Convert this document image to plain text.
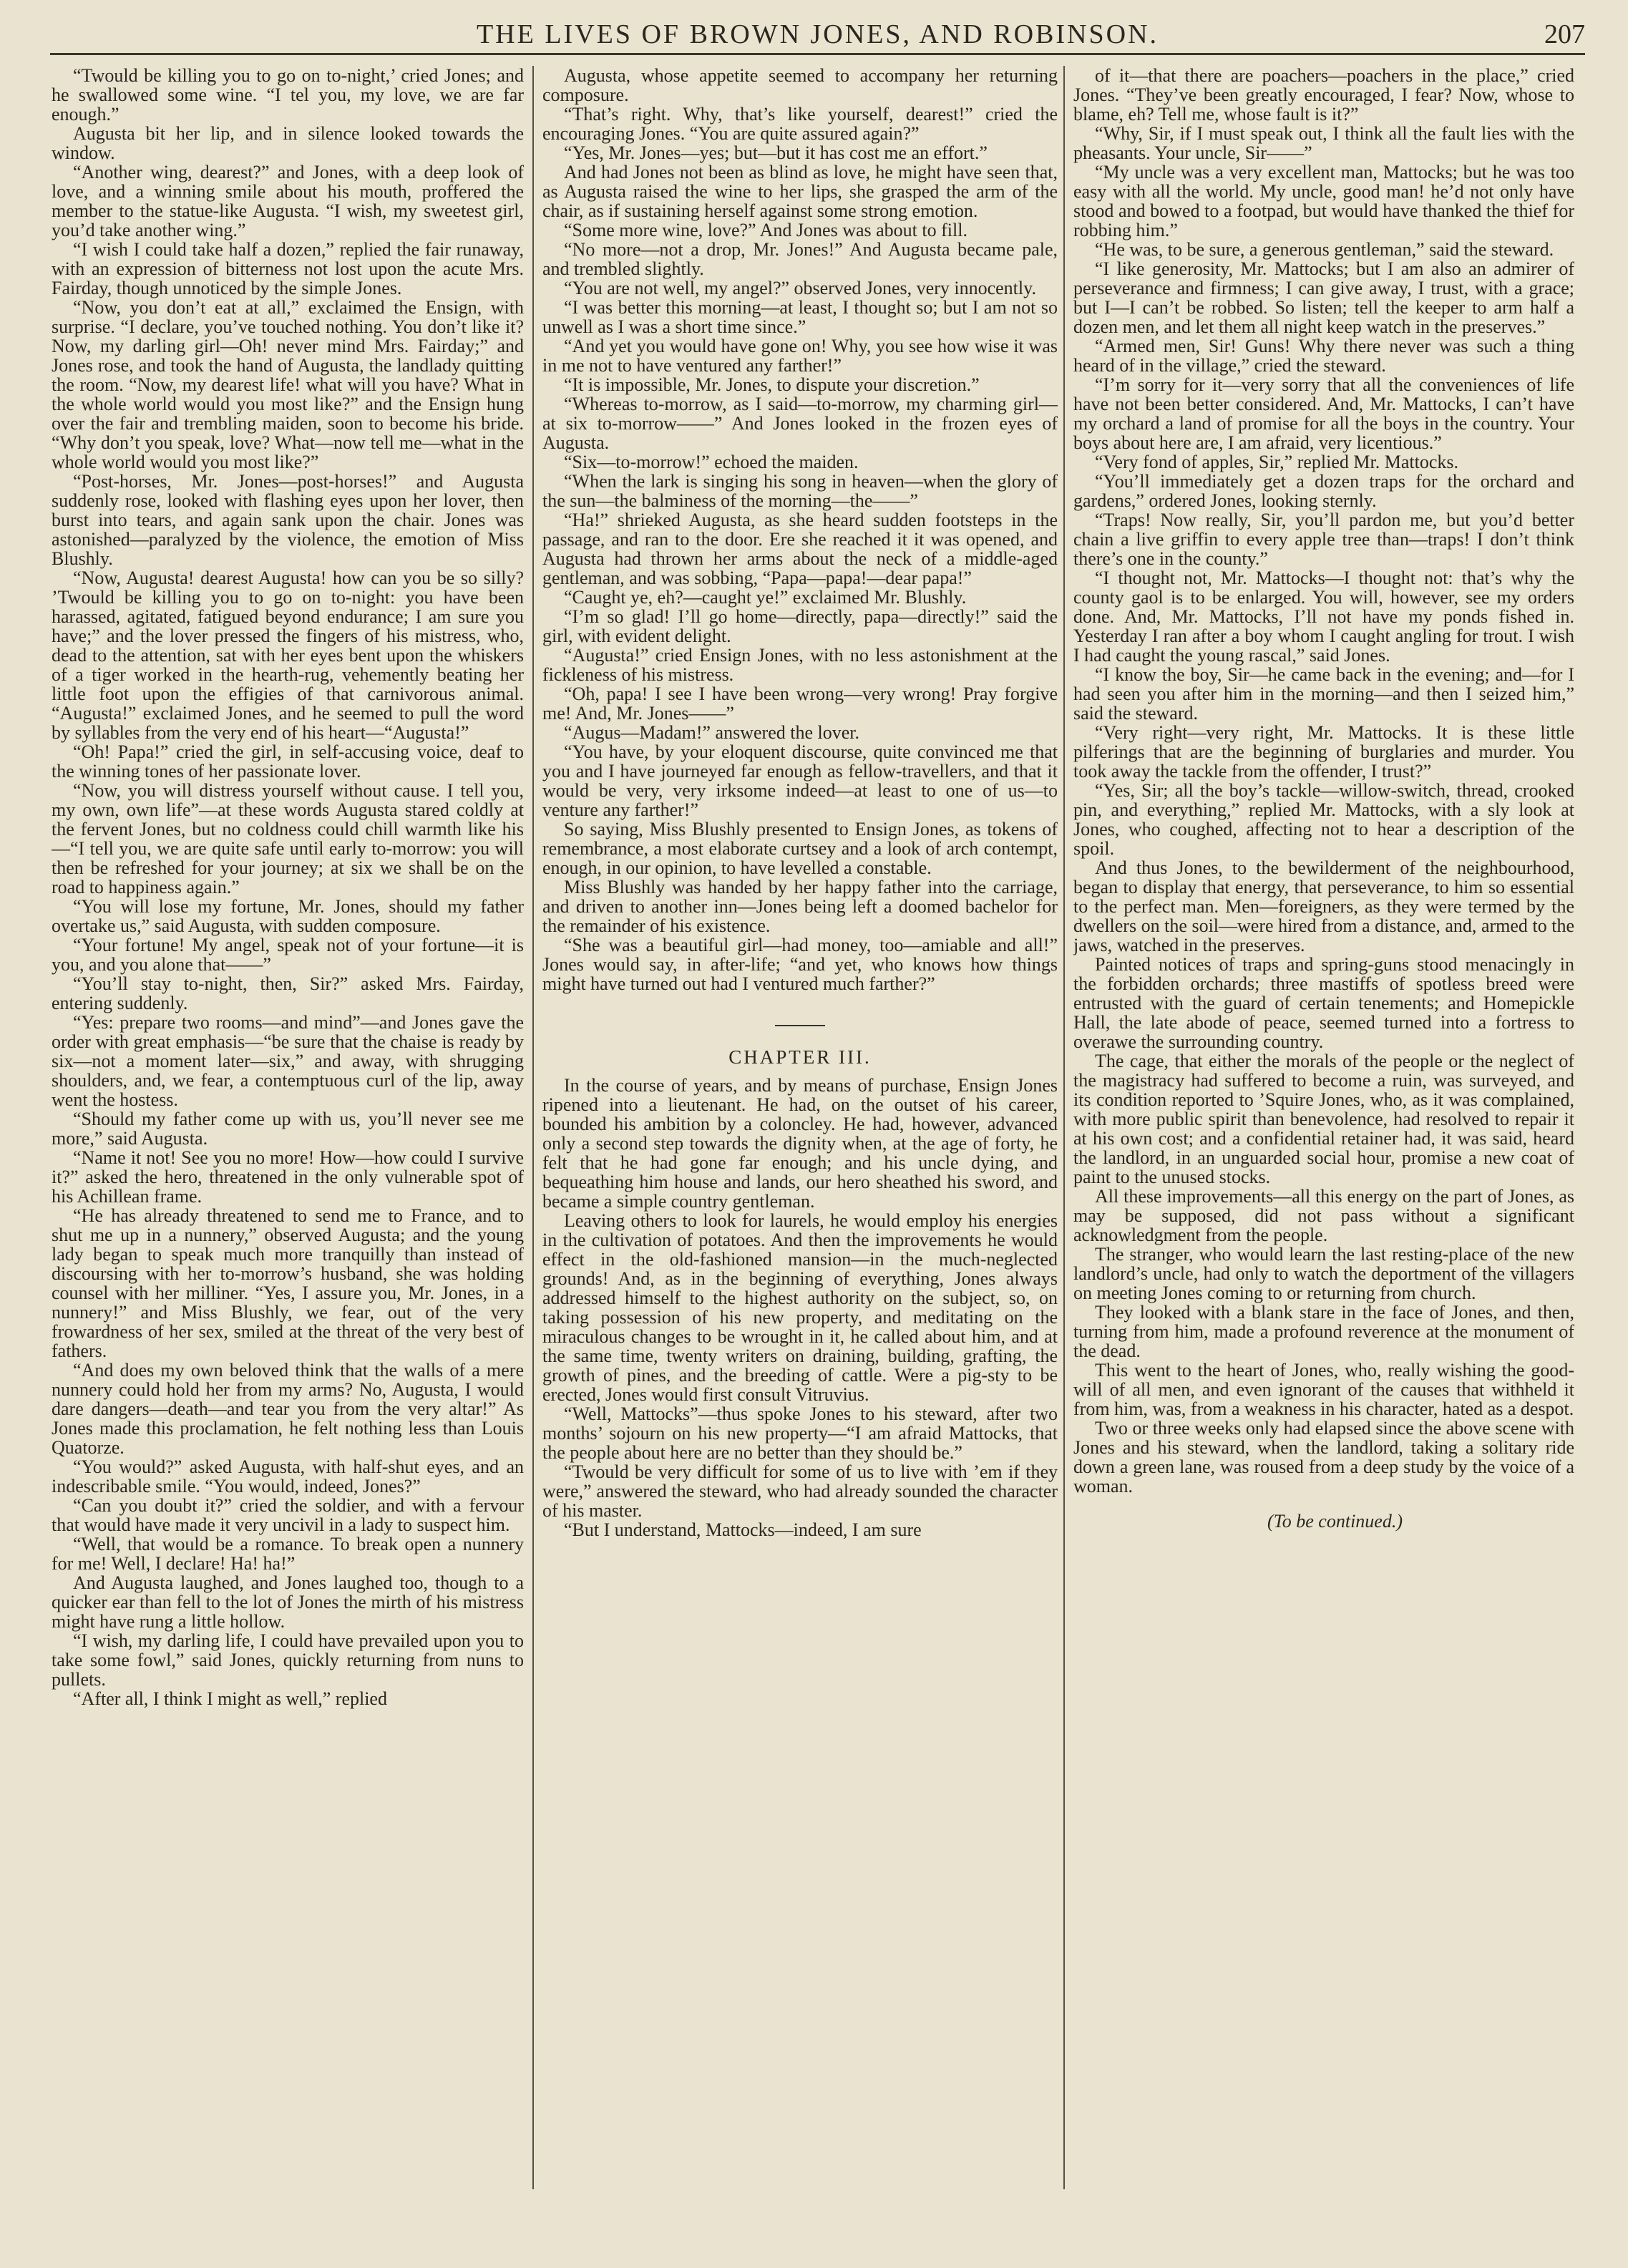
THE LIVES OF BROWN JONES, AND ROBINSON.	207

“Twould be killing you to go on to-night,’ cried Jones; and he swallowed some wine. “I tel you, my love, we are far enough.”

Augusta bit her lip, and in silence looked towards the window.

“Another wing, dearest?” and Jones, with a deep look of love, and a winning smile about his mouth, proffered the member to the statue-like Augusta. “I wish, my sweetest girl, you’d take another wing.”

“I wish I could take half a dozen,” replied the fair runaway, with an expression of bitterness not lost upon the acute Mrs. Fairday, though unnoticed by the simple Jones.

“Now, you don’t eat at all,” exclaimed the Ensign, with surprise. “I declare, you’ve touched nothing. You don’t like it? Now, my darling girl—Oh! never mind Mrs. Fairday;” and Jones rose, and took the hand of Augusta, the landlady quitting the room. “Now, my dearest life! what will you have? What in the whole world would you most like?” and the Ensign hung over the fair and trembling maiden, soon to become his bride. “Why don’t you speak, love? What—now tell me—what in the whole world would you most like?”

“Post-horses, Mr. Jones—post-horses!” and Augusta suddenly rose, looked with flashing eyes upon her lover, then burst into tears, and again sank upon the chair. Jones was astonished—paralyzed by the violence, the emotion of Miss Blushly.

“Now, Augusta! dearest Augusta! how can you be so silly? ’Twould be killing you to go on to-night: you have been harassed, agitated, fatigued beyond endurance; I am sure you have;” and the lover pressed the fingers of his mistress, who, dead to the attention, sat with her eyes bent upon the whiskers of a tiger worked in the hearth-rug, vehemently beating her little foot upon the effigies of that carnivorous animal. “Augusta!” exclaimed Jones, and he seemed to pull the word by syllables from the very end of his heart—“Augusta!”

“Oh! Papa!” cried the girl, in self-accusing voice, deaf to the winning tones of her passionate lover.

“Now, you will distress yourself without cause. I tell you, my own, own life”—at these words Augusta stared coldly at the fervent Jones, but no coldness could chill warmth like his—“I tell you, we are quite safe until early to-morrow: you will then be refreshed for your journey; at six we shall be on the road to happiness again.”

“You will lose my fortune, Mr. Jones, should my father overtake us,” said Augusta, with sudden composure.

“Your fortune! My angel, speak not of your fortune—it is you, and you alone that——”

“You’ll stay to-night, then, Sir?” asked Mrs. Fairday, entering suddenly.

“Yes: prepare two rooms—and mind”—and Jones gave the order with great emphasis—“be sure that the chaise is ready by six—not a moment later—six,” and away, with shrugging shoulders, and, we fear, a contemptuous curl of the lip, away went the hostess.

“Should my father come up with us, you’ll never see me more,” said Augusta.

“Name it not! See you no more! How—how could I survive it?” asked the hero, threatened in the only vulnerable spot of his Achillean frame.

“He has already threatened to send me to France, and to shut me up in a nunnery,” observed Augusta; and the young lady began to speak much more tranquilly than instead of discoursing with her to-morrow’s husband, she was holding counsel with her milliner. “Yes, I assure you, Mr. Jones, in a nunnery!” and Miss Blushly, we fear, out of the very frowardness of her sex, smiled at the threat of the very best of fathers.

“And does my own beloved think that the walls of a mere nunnery could hold her from my arms? No, Augusta, I would dare dangers—death—and tear you from the very altar!” As Jones made this proclamation, he felt nothing less than Louis Quatorze.

“You would?” asked Augusta, with half-shut eyes, and an indescribable smile. “You would, indeed, Jones?”

“Can you doubt it?” cried the soldier, and with a fervour that would have made it very uncivil in a lady to suspect him.

“Well, that would be a romance. To break open a nunnery for me! Well, I declare! Ha! ha!”

And Augusta laughed, and Jones laughed too, though to a quicker ear than fell to the lot of Jones the mirth of his mistress might have rung a little hollow.

“I wish, my darling life, I could have prevailed upon you to take some fowl,” said Jones, quickly returning from nuns to pullets.

“After all, I think I might as well,” replied

Augusta, whose appetite seemed to accompany her returning composure.

“That’s right. Why, that’s like yourself, dearest!” cried the encouraging Jones. “You are quite assured again?”

“Yes, Mr. Jones—yes; but—but it has cost me an effort.”

And had Jones not been as blind as love, he might have seen that, as Augusta raised the wine to her lips, she grasped the arm of the chair, as if sustaining herself against some strong emotion.

“Some more wine, love?” And Jones was about to fill.

“No more—not a drop, Mr. Jones!” And Augusta became pale, and trembled slightly.

“You are not well, my angel?” observed Jones, very innocently.

“I was better this morning—at least, I thought so; but I am not so unwell as I was a short time since.”

“And yet you would have gone on! Why, you see how wise it was in me not to have ventured any farther!”

“It is impossible, Mr. Jones, to dispute your discretion.”

“Whereas to-morrow, as I said—to-morrow, my charming girl—at six to-morrow——” And Jones looked in the frozen eyes of Augusta.

“Six—to-morrow!” echoed the maiden.

“When the lark is singing his song in heaven—when the glory of the sun—the balminess of the morning—the——”

“Ha!” shrieked Augusta, as she heard sudden footsteps in the passage, and ran to the door. Ere she reached it it was opened, and Augusta had thrown her arms about the neck of a middle-aged gentleman, and was sobbing, “Papa—papa!—dear papa!”

“Caught ye, eh?—caught ye!” exclaimed Mr. Blushly.

“I’m so glad! I’ll go home—directly, papa—directly!” said the girl, with evident delight.

“Augusta!” cried Ensign Jones, with no less astonishment at the fickleness of his mistress.

“Oh, papa! I see I have been wrong—very wrong! Pray forgive me! And, Mr. Jones——”

“Augus—Madam!” answered the lover.

“You have, by your eloquent discourse, quite convinced me that you and I have journeyed far enough as fellow-travellers, and that it would be very, very irksome indeed—at least to one of us—to venture any farther!”

So saying, Miss Blushly presented to Ensign Jones, as tokens of remembrance, a most elaborate curtsey and a look of arch contempt, enough, in our opinion, to have levelled a constable.

Miss Blushly was handed by her happy father into the carriage, and driven to another inn—Jones being left a doomed bachelor for the remainder of his existence.

“She was a beautiful girl—had money, too—amiable and all!” Jones would say, in after-life; “and yet, who knows how things might have turned out had I ventured much farther?”

CHAPTER III.

In the course of years, and by means of purchase, Ensign Jones ripened into a lieutenant. He had, on the outset of his career, bounded his ambition by a coloncley. He had, however, advanced only a second step towards the dignity when, at the age of forty, he felt that he had gone far enough; and his uncle dying, and bequeathing him house and lands, our hero sheathed his sword, and became a simple country gentleman.

Leaving others to look for laurels, he would employ his energies in the cultivation of potatoes. And then the improvements he would effect in the old-fashioned mansion—in the much-neglected grounds! And, as in the beginning of everything, Jones always addressed himself to the highest authority on the subject, so, on taking possession of his new property, and meditating on the miraculous changes to be wrought in it, he called about him, and at the same time, twenty writers on draining, building, grafting, the growth of pines, and the breeding of cattle. Were a pig-sty to be erected, Jones would first consult Vitruvius.

“Well, Mattocks”—thus spoke Jones to his steward, after two months’ sojourn on his new property—“I am afraid Mattocks, that the people about here are no better than they should be.”

“Twould be very difficult for some of us to live with ’em if they were,” answered the steward, who had already sounded the character of his master.

“But I understand, Mattocks—indeed, I am sure

of it—that there are poachers—poachers in the place,” cried Jones. “They’ve been greatly encouraged, I fear? Now, whose to blame, eh? Tell me, whose fault is it?”

“Why, Sir, if I must speak out, I think all the fault lies with the pheasants. Your uncle, Sir——”

“My uncle was a very excellent man, Mattocks; but he was too easy with all the world. My uncle, good man! he’d not only have stood and bowed to a footpad, but would have thanked the thief for robbing him.”

“He was, to be sure, a generous gentleman,” said the steward.

“I like generosity, Mr. Mattocks; but I am also an admirer of perseverance and firmness; I can give away, I trust, with a grace; but I—I can’t be robbed. So listen; tell the keeper to arm half a dozen men, and let them all night keep watch in the preserves.”

“Armed men, Sir! Guns! Why there never was such a thing heard of in the village,” cried the steward.

“I’m sorry for it—very sorry that all the conveniences of life have not been better considered. And, Mr. Mattocks, I can’t have my orchard a land of promise for all the boys in the country. Your boys about here are, I am afraid, very licentious.”

“Very fond of apples, Sir,” replied Mr. Mattocks.

“You’ll immediately get a dozen traps for the orchard and gardens,” ordered Jones, looking sternly.

“Traps! Now really, Sir, you’ll pardon me, but you’d better chain a live griffin to every apple tree than—traps! I don’t think there’s one in the county.”

“I thought not, Mr. Mattocks—I thought not: that’s why the county gaol is to be enlarged. You will, however, see my orders done. And, Mr. Mattocks, I’ll not have my ponds fished in. Yesterday I ran after a boy whom I caught angling for trout. I wish I had caught the young rascal,” said Jones.

“I know the boy, Sir—he came back in the evening; and—for I had seen you after him in the morning—and then I seized him,” said the steward.

“Very right—very right, Mr. Mattocks. It is these little pilferings that are the beginning of burglaries and murder. You took away the tackle from the offender, I trust?”

“Yes, Sir; all the boy’s tackle—willow-switch, thread, crooked pin, and everything,” replied Mr. Mattocks, with a sly look at Jones, who coughed, affecting not to hear a description of the spoil.

And thus Jones, to the bewilderment of the neighbourhood, began to display that energy, that perseverance, to him so essential to the perfect man. Men—foreigners, as they were termed by the dwellers on the soil—were hired from a distance, and, armed to the jaws, watched in the preserves.

Painted notices of traps and spring-guns stood menacingly in the forbidden orchards; three mastiffs of spotless breed were entrusted with the guard of certain tenements; and Homepickle Hall, the late abode of peace, seemed turned into a fortress to overawe the surrounding country.

The cage, that either the morals of the people or the neglect of the magistracy had suffered to become a ruin, was surveyed, and its condition reported to ’Squire Jones, who, as it was complained, with more public spirit than benevolence, had resolved to repair it at his own cost; and a confidential retainer had, it was said, heard the landlord, in an unguarded social hour, promise a new coat of paint to the unused stocks.

All these improvements—all this energy on the part of Jones, as may be supposed, did not pass without a significant acknowledgment from the people.

The stranger, who would learn the last resting-place of the new landlord’s uncle, had only to watch the deportment of the villagers on meeting Jones coming to or returning from church.

They looked with a blank stare in the face of Jones, and then, turning from him, made a profound reverence at the monument of the dead.

This went to the heart of Jones, who, really wishing the good-will of all men, and even ignorant of the causes that withheld it from him, was, from a weakness in his character, hated as a despot.

Two or three weeks only had elapsed since the above scene with Jones and his steward, when the landlord, taking a solitary ride down a green lane, was roused from a deep study by the voice of a woman.

(To be continued.)
